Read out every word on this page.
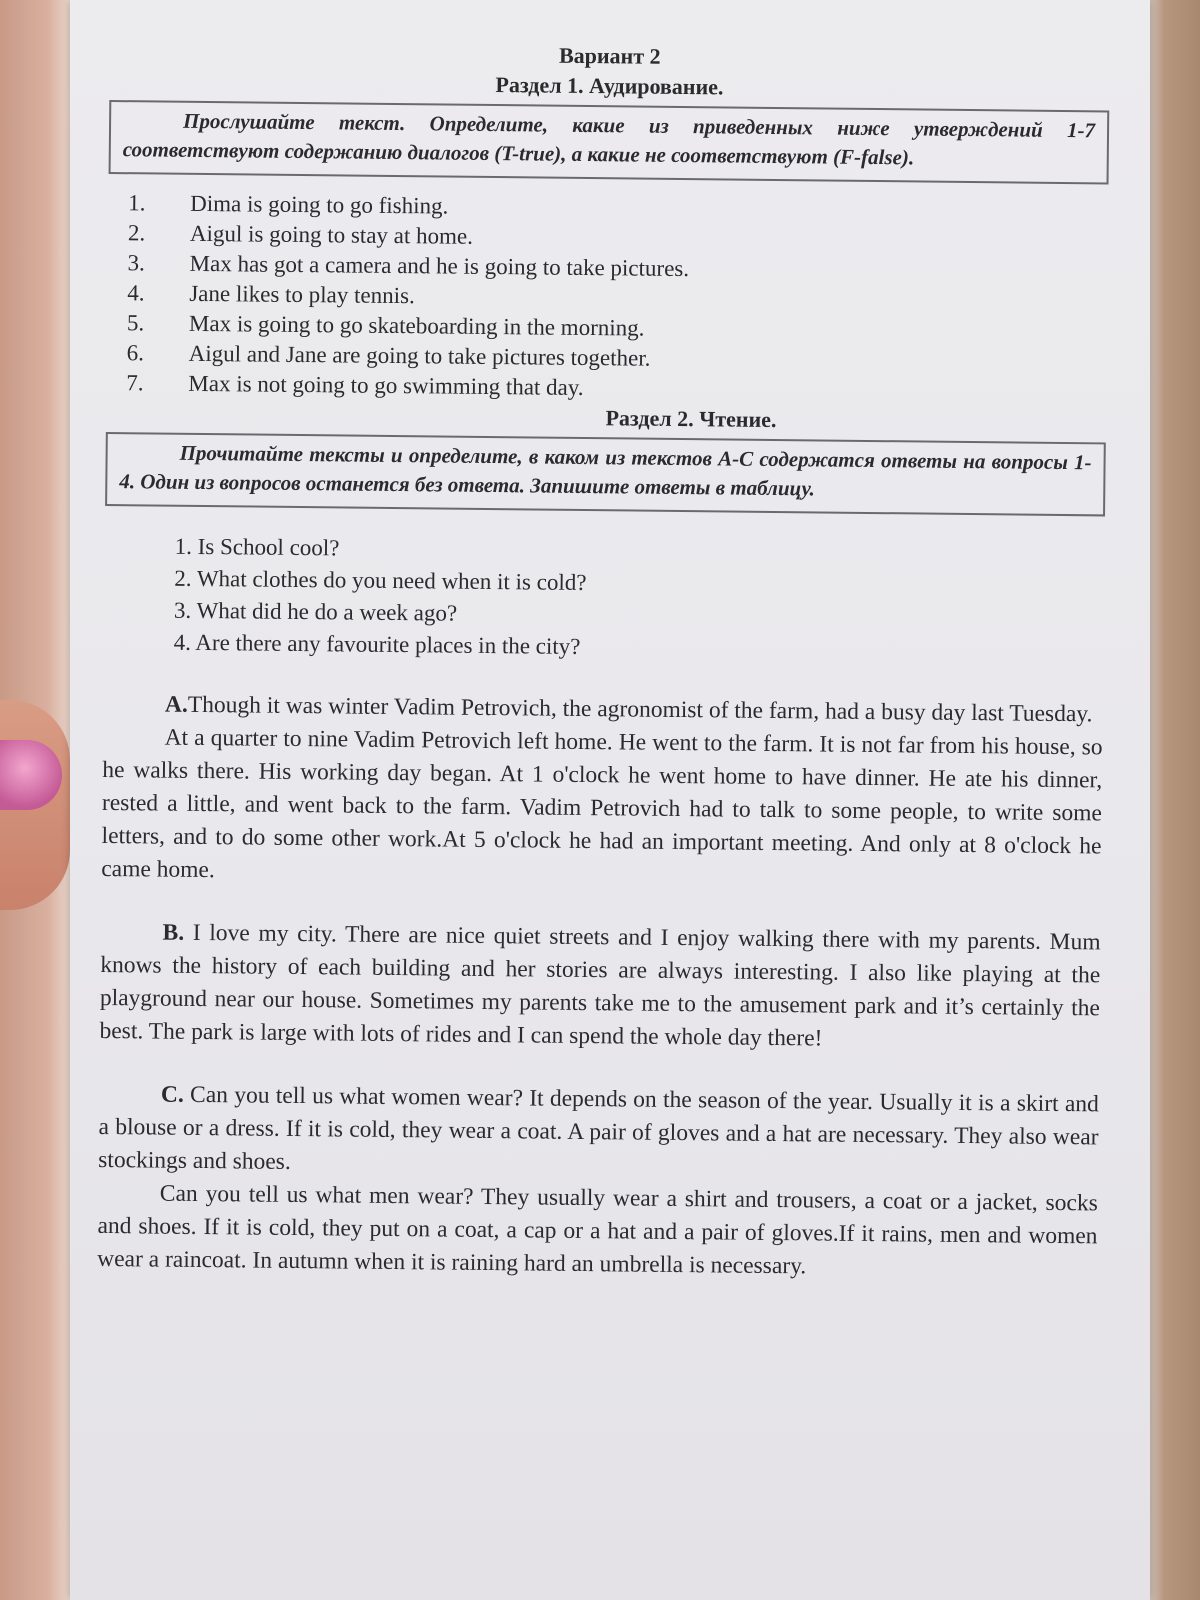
Вариант 2
Раздел 1. Аудирование.
Прослушайте текст. Определите, какие из приведенных ниже утверждений 1-7 соответствуют содержанию диалогов (T-true), а какие не соответствуют (F-false).
1.	Dima is going to go fishing.
2.	Aigul is going to stay at home.
3.	Max has got a camera and he is going to take pictures.
4.	Jane likes to play tennis.
5.	Max is going to go skateboarding in the morning.
6.	Aigul and Jane are going to take pictures together.
7.	Max is not going to go swimming that day.
Раздел 2. Чтение.
Прочитайте тексты и определите, в каком из текстов А-С содержатся ответы на вопросы 1-4. Один из вопросов останется без ответа. Запишите ответы в таблицу.
1. Is School cool?
2. What clothes do you need when it is cold?
3. What did he do a week ago?
4. Are there any favourite places in the city?

A.Though it was winter Vadim Petrovich, the agronomist of the farm, had a busy day last Tuesday.

At a quarter to nine Vadim Petrovich left home. He went to the farm. It is not far from his house, so he walks there. His working day began. At 1 o'clock he went home to have dinner. He ate his dinner, rested a little, and went back to the farm. Vadim Petrovich had to talk to some people, to write some letters, and to do some other work.At 5 o'clock he had an important meeting. And only at 8 o'clock he came home.

B. I love my city. There are nice quiet streets and I enjoy walking there with my parents. Mum knows the history of each building and her stories are always interesting. I also like playing at the playground near our house. Sometimes my parents take me to the amusement park and it’s certainly the best. The park is large with lots of rides and I can spend the whole day there!

C. Can you tell us what women wear? It depends on the season of the year. Usually it is a skirt and a blouse or a dress. If it is cold, they wear a coat. A pair of gloves and a hat are necessary. They also wear stockings and shoes.

Can you tell us what men wear? They usually wear a shirt and trousers, a coat or a jacket, socks and shoes. If it is cold, they put on a coat, a cap or a hat and a pair of gloves.If it rains, men and women wear a raincoat. In autumn when it is raining hard an umbrella is necessary.
